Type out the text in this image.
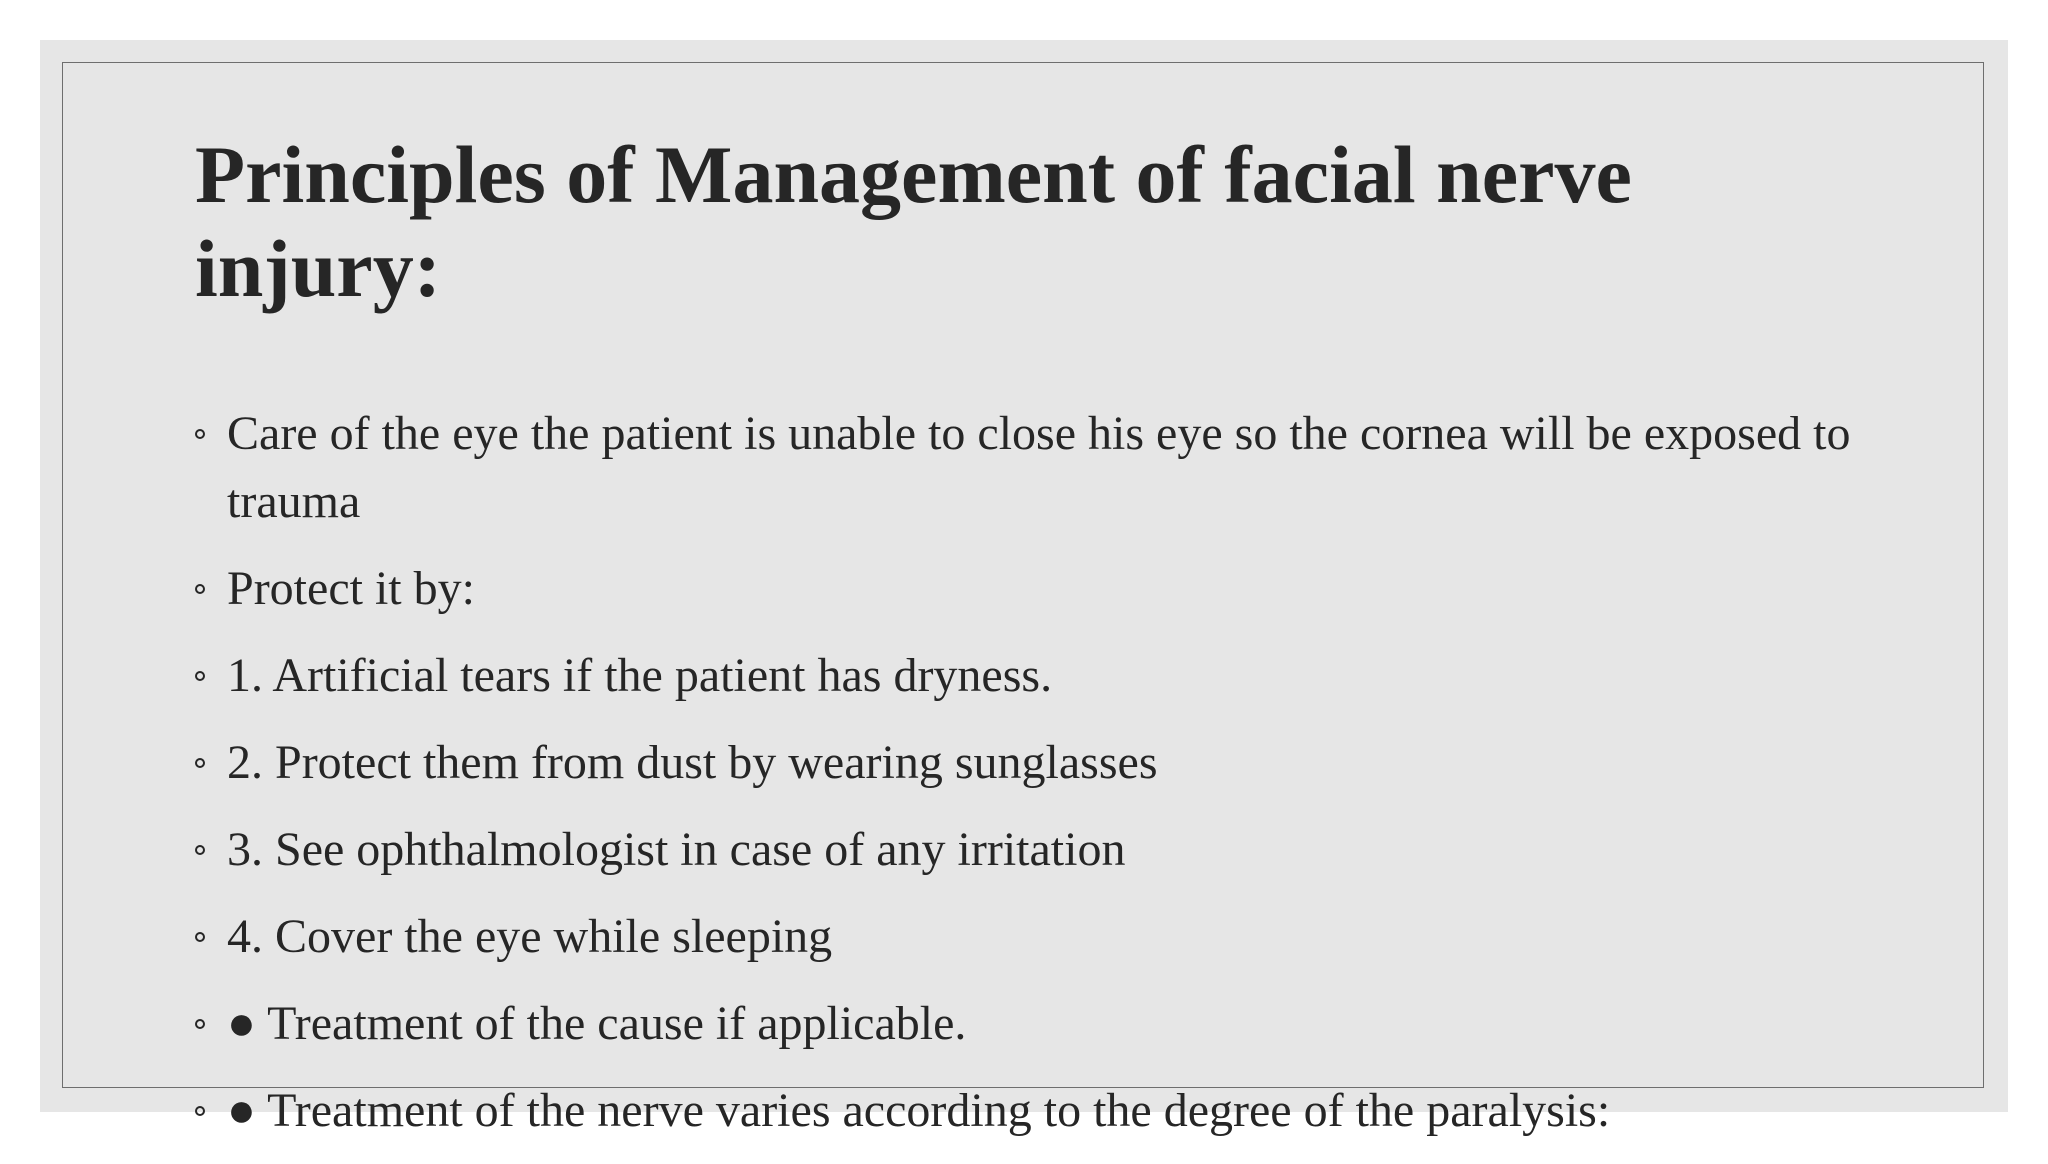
Principles of Management of facial nerve injury:
Care of the eye the patient is unable to close his eye so the cornea will be exposed to trauma
Protect it by:
1. Artificial tears if the patient has dryness.
2. Protect them from dust by wearing sunglasses
3. See ophthalmologist in case of any irritation
4. Cover the eye while sleeping
● Treatment of the cause if applicable.
● Treatment of the nerve varies according to the degree of the paralysis:
